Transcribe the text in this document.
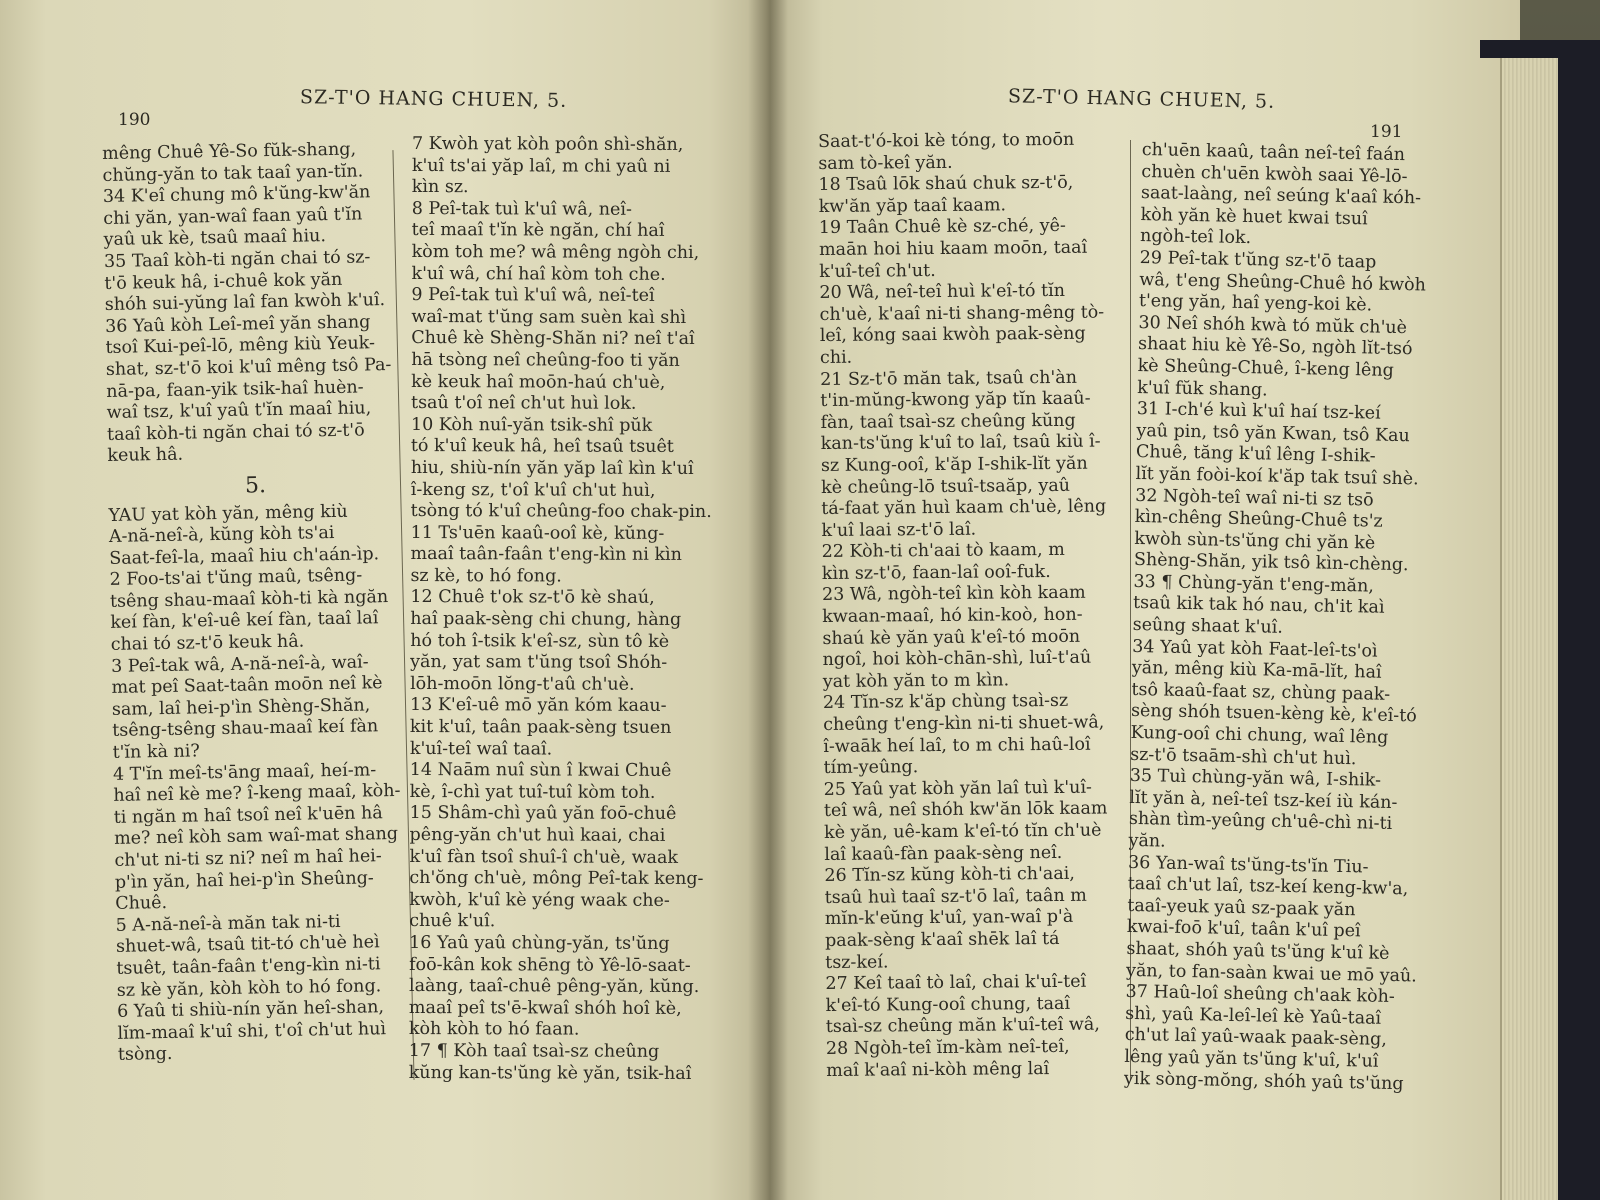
190
SZ-T'O HANG CHUEN, 5.

mêng Chuê Yê-So fŭk-shang,

chŭng-yăn to tak taaî yan-tĭn.

34 K'eî chung mô k'ŭng-kw'ăn

chi yăn, yan-waî faan yaû t'ĭn

yaû uk kè, tsaû maaî hiu.

35 Taaî kòh-ti ngăn chai tó sz-

t'ō keuk hâ, i-chuê kok yăn

shóh sui-yŭng laî fan kwòh k'uî.

36 Yaû kòh Leî-meî yăn shang

tsoî Kui-peî-lō, mêng kiù Yeuk-

shat, sz-t'ō koi k'uî mêng tsô Pa-

nā-pa, faan-yik tsik-haî huèn-

waî tsz, k'uî yaû t'ĭn maaî hiu,

taaî kòh-ti ngăn chai tó sz-t'ō

keuk hâ.

5.

YAU yat kòh yăn, mêng kiù

A-nă-neî-à, kŭng kòh ts'ai

Saat-feî-la, maaî hiu ch'aán-ìp.

2 Foo-ts'ai t'ŭng maû, tsêng-

tsêng shau-maaî kòh-ti kà ngăn

keí fàn, k'eî-uê keí fàn, taaî laî

chai tó sz-t'ō keuk hâ.

3 Peî-tak wâ, A-nă-neî-à, waî-

mat peî Saat-taân moōn neî kè

sam, laî hei-p'ìn Shèng-Shăn,

tsêng-tsêng shau-maaî keí fàn

t'ĭn kà ni?

4 T'ĭn meî-ts'āng maaî, heí-m-

haî neî kè me? î-keng maaî, kòh-

ti ngăn m haî tsoî neî k'uēn hâ

me? neî kòh sam waî-mat shang

ch'ut ni-ti sz ni? neî m haî hei-

p'ìn yăn, haî hei-p'ìn Sheûng-

Chuê.

5 A-nă-neî-à măn tak ni-ti

shuet-wâ, tsaû tit-tó ch'uè heì

tsuêt, taân-faân t'eng-kìn ni-ti

sz kè yăn, kòh kòh to hó fong.

6 Yaû ti shiù-nín yăn heî-shan,

lĭm-maaî k'uî shi, t'oî ch'ut huì

tsòng.

7 Kwòh yat kòh poôn shì-shăn,

k'uî ts'ai yăp laî, m chi yaû ni

kìn sz.

8 Peî-tak tuì k'uî wâ, neî-

teî maaî t'ĭn kè ngăn, chí haî

kòm toh me? wâ mêng ngòh chi,

k'uî wâ, chí haî kòm toh che.

9 Peî-tak tuì k'uî wâ, neî-teî

waî-mat t'ŭng sam suèn kaì shì

Chuê kè Shèng-Shăn ni? neî t'aî

hā tsòng neî cheûng-foo ti yăn

kè keuk haî moōn-haú ch'uè,

tsaû t'oî neî ch'ut huì lok.

10 Kòh nuî-yăn tsik-shî pŭk

tó k'uî keuk hâ, heî tsaû tsuêt

hiu, shiù-nín yăn yăp laî kìn k'uî

î-keng sz, t'oî k'uî ch'ut huì,

tsòng tó k'uî cheûng-foo chak-pin.

11 Ts'uēn kaaû-ooî kè, kŭng-

maaî taân-faân t'eng-kìn ni kìn

sz kè, to hó fong.

12 Chuê t'ok sz-t'ō kè shaú,

haî paak-sèng chi chung, hàng

hó toh î-tsik k'eî-sz, sùn tô kè

yăn, yat sam t'ŭng tsoî Shóh-

lōh-moōn lŏng-t'aû ch'uè.

13 K'eî-uê mō yăn kóm kaau-

kit k'uî, taân paak-sèng tsuen

k'uî-teî waî taaî.

14 Naām nuî sùn î kwai Chuê

kè, î-chì yat tuî-tuî kòm toh.

15 Shâm-chì yaû yăn foō-chuê

pêng-yăn ch'ut huì kaai, chai

k'uî fàn tsoî shuî-î ch'uè, waak

ch'ŏng ch'uè, mông Peî-tak keng-

kwòh, k'uî kè yéng waak che-

chuê k'uî.

16 Yaû yaû chùng-yăn, ts'ŭng

foō-kân kok shēng tò Yê-lō-saat-

laàng, taaî-chuê pêng-yăn, kŭng.

maaî peî ts'ē-kwaî shóh hoî kè,

kòh kòh to hó faan.

17 ¶ Kòh taaî tsaì-sz cheûng

kŭng kan-ts'ŭng kè yăn, tsik-haî

SZ-T'O HANG CHUEN, 5.
191

Saat-t'ó-koi kè tóng, to moōn

sam tò-keî yăn.

18 Tsaû lōk shaú chuk sz-t'ō,

kw'ăn yăp taaî kaam.

19 Taân Chuê kè sz-ché, yê-

maān hoi hiu kaam moōn, taaî

k'uî-teî ch'ut.

20 Wâ, neî-teî huì k'eî-tó tĭn

ch'uè, k'aaî ni-ti shang-mêng tò-

leî, kóng saai kwòh paak-sèng

chi.

21 Sz-t'ō măn tak, tsaû ch'àn

t'in-mŭng-kwong yăp tĭn kaaû-

fàn, taaî tsaì-sz cheûng kŭng

kan-ts'ŭng k'uî to laî, tsaû kiù î-

sz Kung-ooî, k'ăp I-shik-lĭt yăn

kè cheûng-lō tsuî-tsaăp, yaû

tá-faat yăn huì kaam ch'uè, lêng

k'uî laai sz-t'ō laî.

22 Kòh-ti ch'aai tò kaam, m

kìn sz-t'ō, faan-laî ooî-fuk.

23 Wâ, ngòh-teî kìn kòh kaam

kwaan-maaî, hó kin-koò, hon-

shaú kè yăn yaû k'eî-tó moōn

ngoî, hoi kòh-chān-shì, luî-t'aû

yat kòh yăn to m kìn.

24 Tĭn-sz k'ăp chùng tsaì-sz

cheûng t'eng-kìn ni-ti shuet-wâ,

î-waāk heí laî, to m chi haû-loî

tím-yeûng.

25 Yaû yat kòh yăn laî tuì k'uî-

teî wâ, neî shóh kw'ăn lōk kaam

kè yăn, uê-kam k'eî-tó tĭn ch'uè

laî kaaû-fàn paak-sèng neî.

26 Tĭn-sz kŭng kòh-ti ch'aai,

tsaû huì taaî sz-t'ō laî, taân m

mĭn-k'eŭng k'uî, yan-waî p'à

paak-sèng k'aaî shēk laî tá

tsz-keí.

27 Keî taaî tò laî, chai k'uî-teî

k'eî-tó Kung-ooî chung, taaî

tsaì-sz cheûng măn k'uî-teî wâ,

28 Ngòh-teî ĭm-kàm neî-teî,

maî k'aaî ni-kòh mêng laî

ch'uēn kaaû, taân neî-teî faán

chuèn ch'uēn kwòh saai Yê-lō-

saat-laàng, neî seúng k'aaî kóh-

kòh yăn kè huet kwai tsuî

ngòh-teî lok.

29 Peî-tak t'ŭng sz-t'ō taap

wâ, t'eng Sheûng-Chuê hó kwòh

t'eng yăn, haî yeng-koi kè.

30 Neî shóh kwà tó mŭk ch'uè

shaat hiu kè Yê-So, ngòh lĭt-tsó

kè Sheûng-Chuê, î-keng lêng

k'uî fŭk shang.

31 I-ch'é kuì k'uî haí tsz-keí

yaû pin, tsô yăn Kwan, tsô Kau

Chuê, tăng k'uî lêng I-shik-

lĭt yăn foòi-koí k'ăp tak tsuî shè.

32 Ngòh-teî waî ni-ti sz tsō

kìn-chêng Sheûng-Chuê ts'z

kwòh sùn-ts'ŭng chi yăn kè

Shèng-Shăn, yik tsô kìn-chèng.

33 ¶ Chùng-yăn t'eng-măn,

tsaû kik tak hó nau, ch'it kaì

seûng shaat k'uî.

34 Yaû yat kòh Faat-leî-ts'oì

yăn, mêng kiù Ka-mā-lĭt, haî

tsô kaaû-faat sz, chùng paak-

sèng shóh tsuen-kèng kè, k'eî-tó

Kung-ooî chi chung, waî lêng

sz-t'ō tsaām-shì ch'ut huì.

35 Tuì chùng-yăn wâ, I-shik-

lĭt yăn à, neî-teî tsz-keí iù kán-

shàn tìm-yeûng ch'uê-chì ni-ti

yăn.

36 Yan-waî ts'ŭng-ts'ĭn Tiu-

taaî ch'ut laî, tsz-keí keng-kw'a,

taaî-yeuk yaû sz-paak yăn

kwai-foō k'uî, taân k'uî peî

shaat, shóh yaû ts'ŭng k'uî kè

yăn, to fan-saàn kwai ue mō yaû.

37 Haû-loî sheûng ch'aak kòh-

shì, yaû Ka-leî-leî kè Yaû-taaî

ch'ut laî yaû-waak paak-sèng,

lêng yaû yăn ts'ŭng k'uî, k'uî

yik sòng-mŏng, shóh yaû ts'ŭng
